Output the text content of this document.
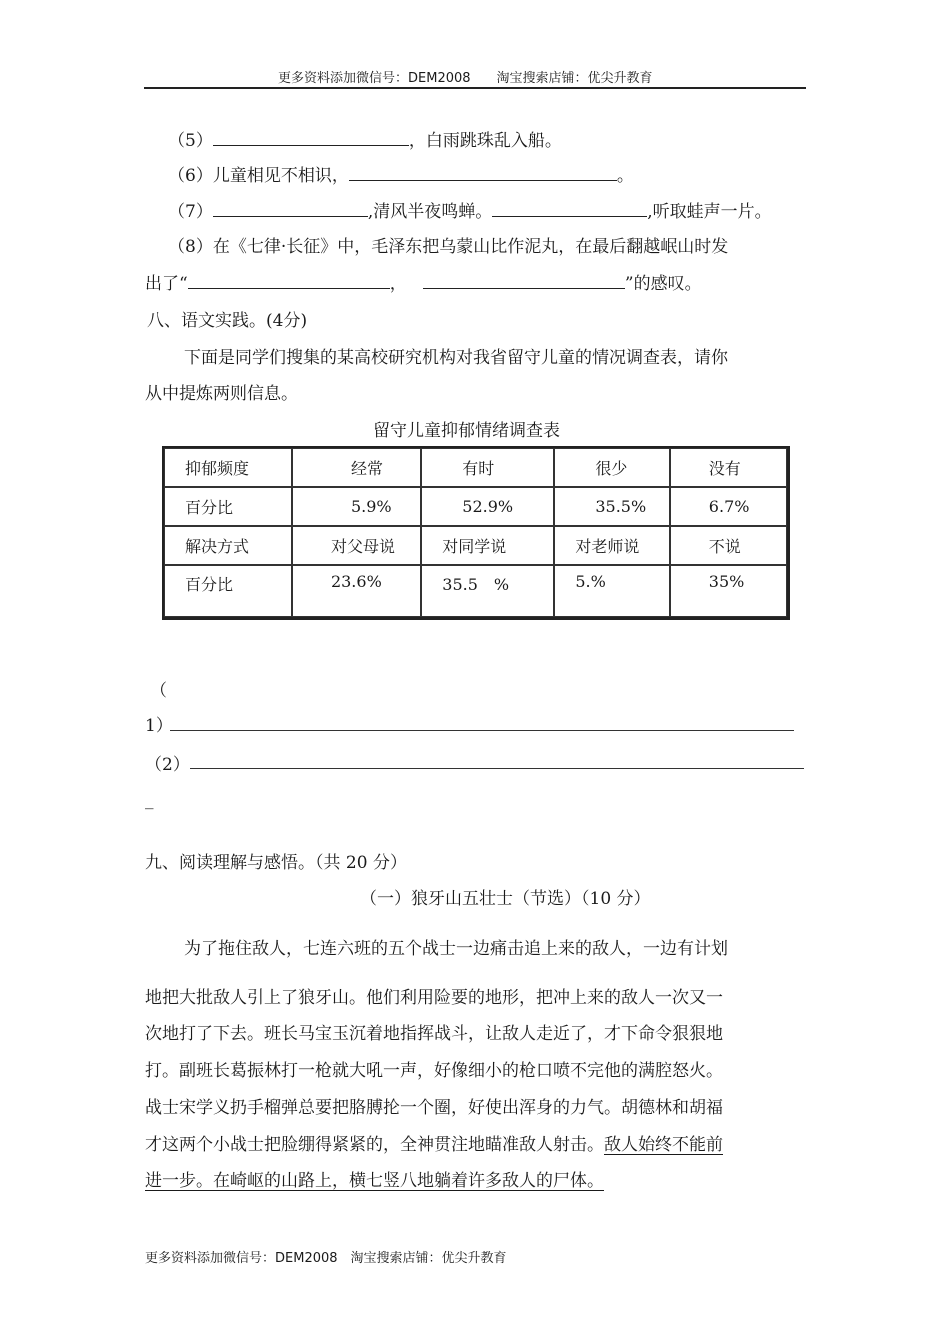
更多资料添加微信号：DEM2008　　淘宝搜索店铺：优尖升教育
（5）	，白雨跳珠乱入船。
（6）儿童相见不相识，	。
（7）	,清风半夜鸣蝉。	,听取蛙声一片。
（8）在《七律·长征》中，毛泽东把乌蒙山比作泥丸，在最后翻越岷山时发
出了“	，	”的感叹。
八、语文实践。(4分)
下面是同学们搜集的某高校研究机构对我省留守儿童的情况调查表，请你
从中提炼两则信息。
留守儿童抑郁情绪调查表
抑郁频度	经常	有时	很少	没有
百分比	5.9%	52.9%	35.5%	6.7%
解决方式	对父母说	对同学说	对老师说	不说
百分比	23.6%	35.5　%	5.%	35%
（
1）
（2）
_
九、阅读理解与感悟。（共 20 分）
（一）狼牙山五壮士（节选）（10 分）
为了拖住敌人，七连六班的五个战士一边痛击追上来的敌人，一边有计划
地把大批敌人引上了狼牙山。他们利用险要的地形，把冲上来的敌人一次又一
次地打了下去。班长马宝玉沉着地指挥战斗，让敌人走近了，才下命令狠狠地
打。副班长葛振林打一枪就大吼一声，好像细小的枪口喷不完他的满腔怒火。
战士宋学义扔手榴弹总要把胳膊抡一个圈，好使出浑身的力气。胡德林和胡福
才这两个小战士把脸绷得紧紧的，全神贯注地瞄准敌人射击。敌人始终不能前
进一步。在崎岖的山路上，横七竖八地躺着许多敌人的尸体。
更多资料添加微信号：DEM2008　淘宝搜索店铺：优尖升教育
